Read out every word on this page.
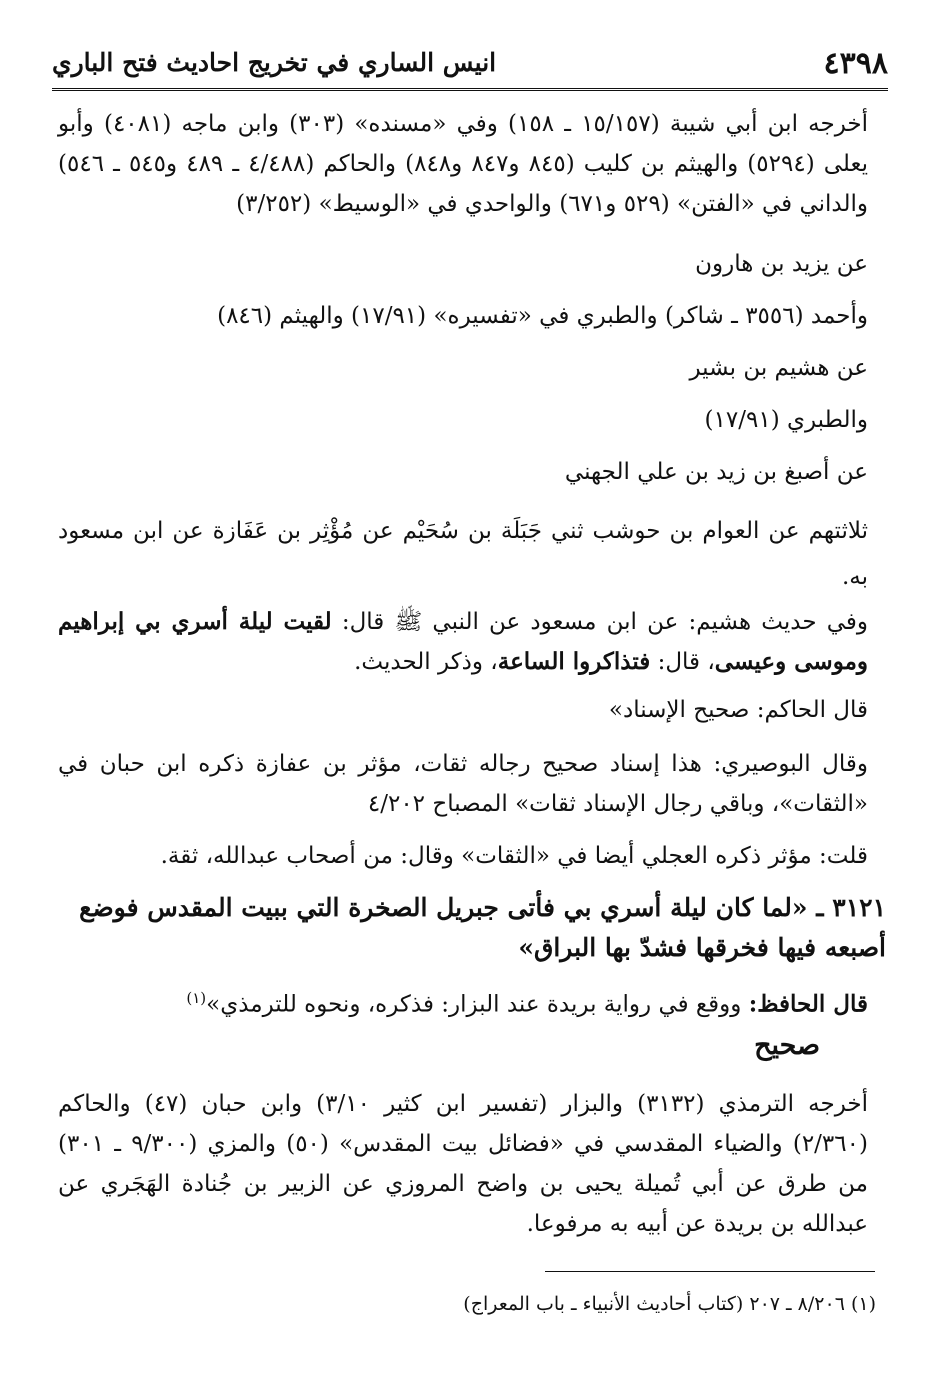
٤٣٩٨
انيس الساري في تخريج احاديث فتح الباري

أخرجه ابن أبي شيبة (١٥/١٥٧ ـ ١٥٨) وفي «مسنده» (٣٠٣) وابن ماجه (٤٠٨١) وأبو يعلى (٥٢٩٤) والهيثم بن كليب (٨٤٥ و٨٤٧ و٨٤٨) والحاكم (٤/٤٨٨ ـ ٤٨٩ و٥٤٥ ـ ٥٤٦) والداني في «الفتن» (٥٢٩ و٦٧١) والواحدي في «الوسيط» (٣/٢٥٢)

عن يزيد بن هارون

وأحمد (٣٥٥٦ ـ شاكر) والطبري في «تفسيره» (١٧/٩١) والهيثم (٨٤٦)

عن هشيم بن بشير

والطبري (١٧/٩١)

عن أصبغ بن زيد بن علي الجهني

ثلاثتهم عن العوام بن حوشب ثني جَبَلَة بن سُحَيْم عن مُؤْثِر بن عَفَازة عن ابن مسعود به.

وفي حديث هشيم: عن ابن مسعود عن النبي ﷺ قال: لقيت ليلة أسري بي إبراهيم وموسى وعيسى، قال: فتذاكروا الساعة، وذكر الحديث.

قال الحاكم: صحيح الإسناد»

وقال البوصيري: هذا إسناد صحيح رجاله ثقات، مؤثر بن عفازة ذكره ابن حبان في «الثقات»، وباقي رجال الإسناد ثقات» المصباح ٤/٢٠٢

قلت: مؤثر ذكره العجلي أيضا في «الثقات» وقال: من أصحاب عبدالله، ثقة.

٣١٢١ ـ «لما كان ليلة أسري بي فأتى جبريل الصخرة التي ببيت المقدس فوضع أصبعه فيها فخرقها فشدّ بها البراق»

قال الحافظ: ووقع في رواية بريدة عند البزار: فذكره، ونحوه للترمذي»$^{(١)}$

صحيح

أخرجه الترمذي (٣١٣٢) والبزار (تفسير ابن كثير ٣/١٠) وابن حبان (٤٧) والحاكم (٢/٣٦٠) والضياء المقدسي في «فضائل بيت المقدس» (٥٠) والمزي (٩/٣٠٠ ـ ٣٠١) من طرق عن أبي تُميلة يحيى بن واضح المروزي عن الزبير بن جُنادة الهَجَري عن عبدالله بن بريدة عن أبيه به مرفوعا.

(١) ٨/٢٠٦ ـ ٢٠٧ (كتاب أحاديث الأنبياء ـ باب المعراج)
